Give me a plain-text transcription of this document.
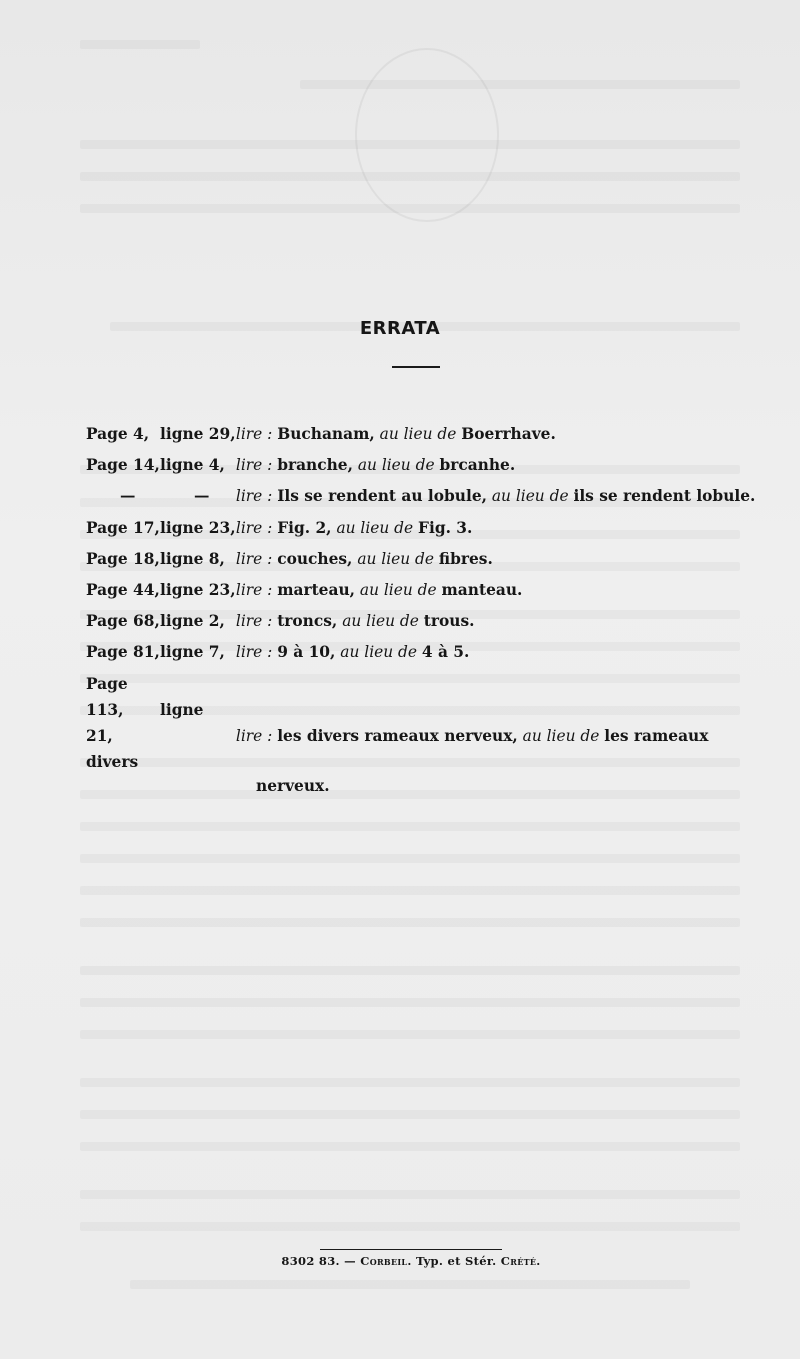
ERRATA
Page 4, ligne 29, lire : Buchanam, au lieu de Boerrhave.
Page 14,ligne 4, lire : branche, au lieu de brcanhe.
—	— lire : Ils se rendent au lobule, au lieu de ils se rendent lobule.
Page 17,ligne 23, lire : Fig. 2, au lieu de Fig. 3.
Page 18,ligne 8, lire : couches, au lieu de fibres.
Page 44,ligne 23, lire : marteau, au lieu de manteau.
Page 68,ligne 2, lire : troncs, au lieu de trous.
Page 81,ligne 7, lire : 9 à 10, au lieu de 4 à 5.
Page 113, ligne 21,	lire : les divers rameaux nerveux, au lieu de les rameaux divers
nerveux.
8302 83. — Corbeil. Typ. et Stér. Crété.
